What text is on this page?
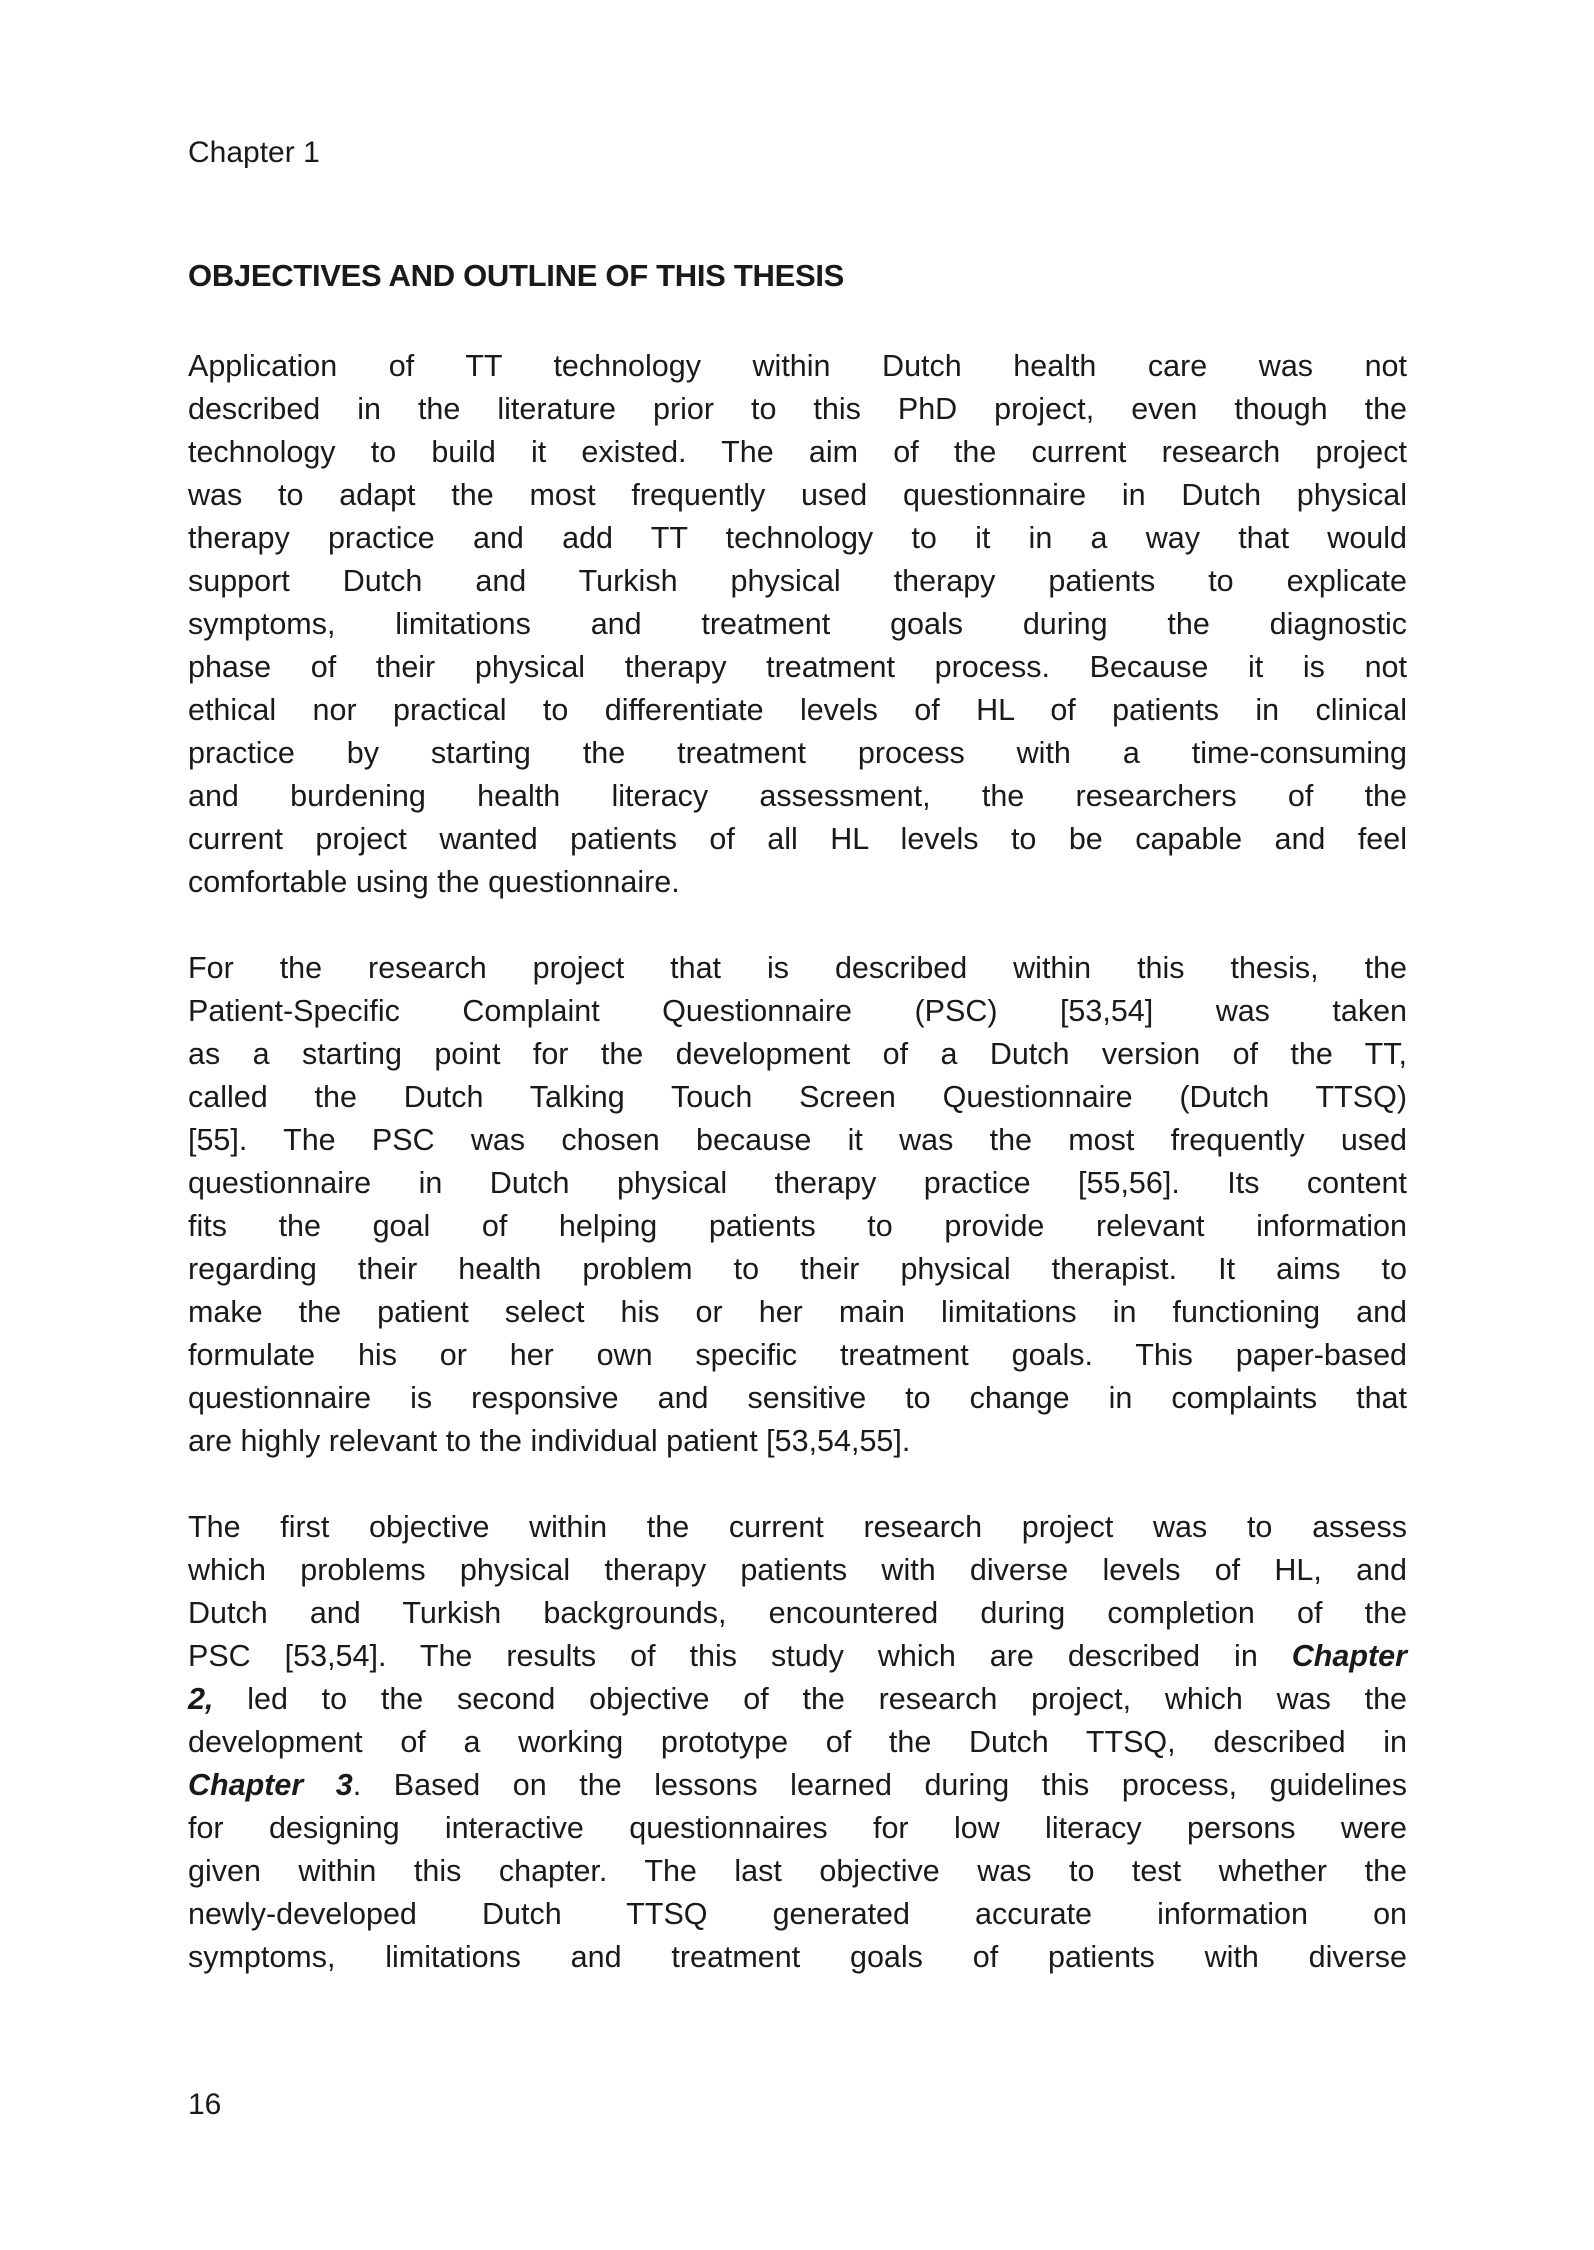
Chapter 1
OBJECTIVES AND OUTLINE OF THIS THESIS
Application of TT technology within Dutch health care was not
described in the literature prior to this PhD project, even though the
technology to build it existed. The aim of the current research project
was to adapt the most frequently used questionnaire in Dutch physical
therapy practice and add TT technology to it in a way that would
support Dutch and Turkish physical therapy patients to explicate
symptoms, limitations and treatment goals during the diagnostic
phase of their physical therapy treatment process. Because it is not
ethical nor practical to differentiate levels of HL of patients in clinical
practice by starting the treatment process with a time-consuming
and burdening health literacy assessment, the researchers of the
current project wanted patients of all HL levels to be capable and feel
comfortable using the questionnaire.
For the research project that is described within this thesis, the
Patient-Specific Complaint Questionnaire (PSC) [53,54] was taken
as a starting point for the development of a Dutch version of the TT,
called the Dutch Talking Touch Screen Questionnaire (Dutch TTSQ)
[55]. The PSC was chosen because it was the most frequently used
questionnaire in Dutch physical therapy practice [55,56]. Its content
fits the goal of helping patients to provide relevant information
regarding their health problem to their physical therapist. It aims to
make the patient select his or her main limitations in functioning and
formulate his or her own specific treatment goals. This paper-based
questionnaire is responsive and sensitive to change in complaints that
are highly relevant to the individual patient [53,54,55].
The first objective within the current research project was to assess
which problems physical therapy patients with diverse levels of HL, and
Dutch and Turkish backgrounds, encountered during completion of the
PSC [53,54]. The results of this study which are described in Chapter
2, led to the second objective of the research project, which was the
development of a working prototype of the Dutch TTSQ, described in
Chapter 3. Based on the lessons learned during this process, guidelines
for designing interactive questionnaires for low literacy persons were
given within this chapter. The last objective was to test whether the
newly-developed Dutch TTSQ generated accurate information on
symptoms, limitations and treatment goals of patients with diverse
16
